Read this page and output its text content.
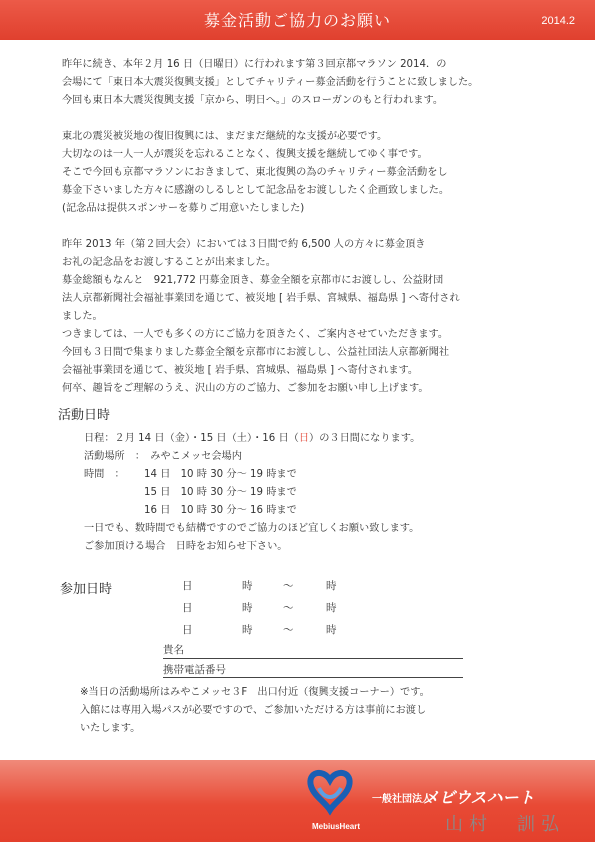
募金活動ご協力のお願い	2014.2
昨年に続き、本年２月 16 日（日曜日）に行われます第３回京都マラソン 2014．の
会場にて「東日本大震災復興支援」としてチャリティー募金活動を行うことに致しました。
今回も東日本大震災復興支援「京から、明日へ。」のスローガンのもと行われます。
東北の震災被災地の復旧復興には、まだまだ継続的な支援が必要です。
大切なのは一人一人が震災を忘れることなく、復興支援を継続してゆく事です。
そこで今回も京都マラソンにおきまして、東北復興の為のチャリティー募金活動をし
募金下さいました方々に感謝のしるしとして記念品をお渡ししたく企画致しました。
(記念品は提供スポンサーを募りご用意いたしました)
昨年 2013 年（第２回大会）においては３日間で約 6,500 人の方々に募金頂き
お礼の記念品をお渡しすることが出来ました。
募金総額もなんと　921,772 円募金頂き、募金全額を京都市にお渡しし、公益財団
法人京都新聞社会福祉事業団を通じて、被災地 [ 岩手県、宮城県、福島県 ] へ寄付され
ました。
つきましては、一人でも多くの方にご協力を頂きたく、ご案内させていただきます。
今回も３日間で集まりました募金全額を京都市にお渡しし、公益社団法人京都新聞社
会福祉事業団を通じて、被災地 [ 岩手県、宮城県、福島県 ] へ寄付されます。
何卒、趣旨をご理解のうえ、沢山の方のご協力、ご参加をお願い申し上げます。
活動日時
日程：２月 14 日（金）・15 日（土）・16 日（日）の３日間になります。
活動場所　：　みやこメッセ会場内
時間　： 14 日　10 時 30 分～ 19 時まで
15 日　10 時 30 分～ 19 時まで
16 日　10 時 30 分～ 16 時まで
一日でも、数時間でも結構ですのでご協力のほど宜しくお願い致します。
ご参加頂ける場合　日時をお知らせ下さい。
参加日時	日	時	～	時
日	時	～	時
日	時	～	時
貴名
携帯電話番号
※当日の活動場所はみやこメッセ３F　出口付近（復興支援コーナー）です。
入館には専用入場パスが必要ですので、ご参加いただける方は事前にお渡し
いたします。
MebiusHeart
一般社団法人
メビウスハート
山村　訓弘
